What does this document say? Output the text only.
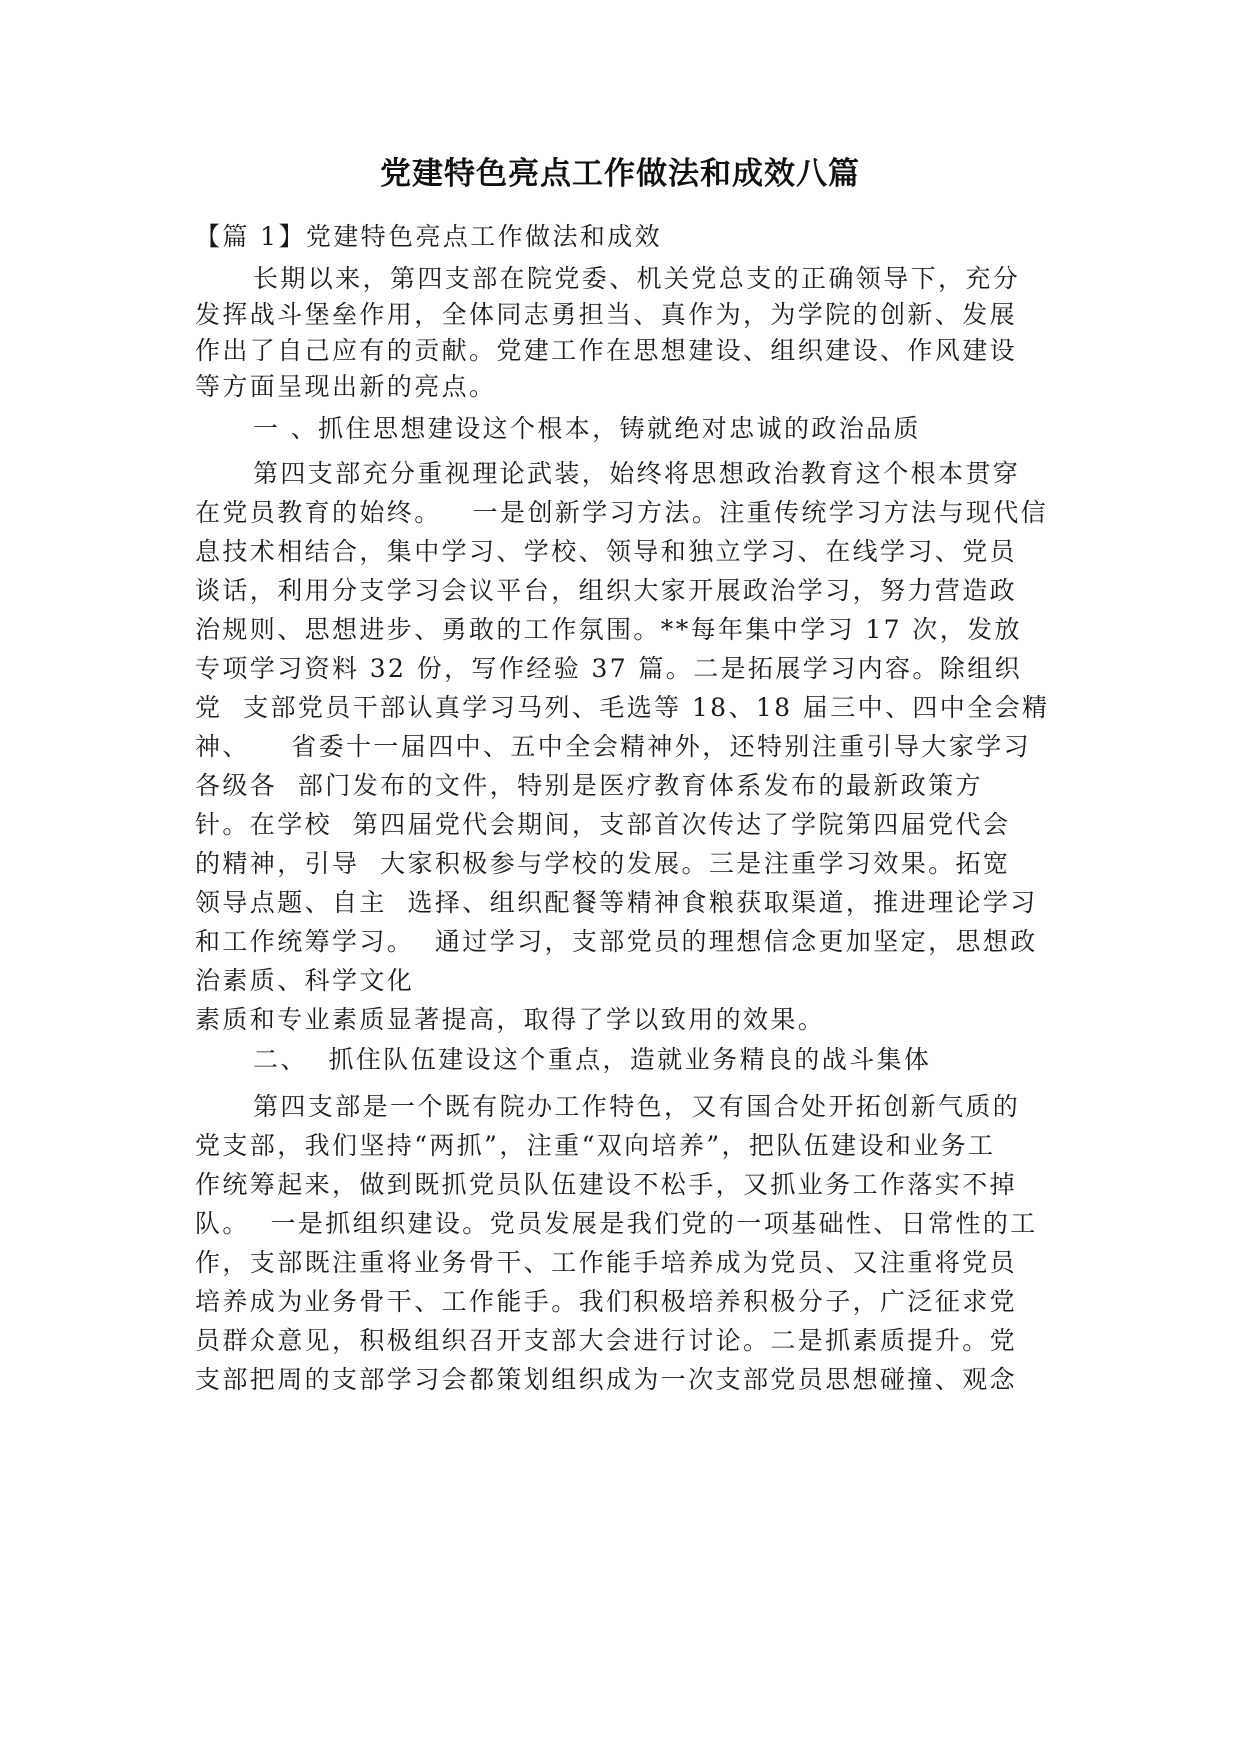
党建特色亮点工作做法和成效八篇
【篇 1】党建特色亮点工作做法和成效
长期以来，第四支部在院党委、机关党总支的正确领导下，充分
发挥战斗堡垒作用，全体同志勇担当、真作为，为学院的创新、发展
作出了自己应有的贡献。党建工作在思想建设、组织建设、作风建设
等方面呈现出新的亮点。
一 、抓住思想建设这个根本，铸就绝对忠诚的政治品质
第四支部充分重视理论武装，始终将思想政治教育这个根本贯穿
在党员教育的始终。   一是创新学习方法。注重传统学习方法与现代信
息技术相结合，集中学习、学校、领导和独立学习、在线学习、党员
谈话，利用分支学习会议平台，组织大家开展政治学习，努力营造政
治规则、思想进步、勇敢的工作氛围。**每年集中学习 17 次，发放
专项学习资料 32 份，写作经验 37 篇。二是拓展学习内容。除组织
党  支部党员干部认真学习马列、毛选等 18、18 届三中、四中全会精
神、    省委十一届四中、五中全会精神外，还特别注重引导大家学习
各级各  部门发布的文件，特别是医疗教育体系发布的最新政策方
针。在学校  第四届党代会期间，支部首次传达了学院第四届党代会
的精神，引导  大家积极参与学校的发展。三是注重学习效果。拓宽
领导点题、自主  选择、组织配餐等精神食粮获取渠道，推进理论学习
和工作统筹学习。  通过学习，支部党员的理想信念更加坚定，思想政
治素质、科学文化
素质和专业素质显著提高，取得了学以致用的效果。
二、  抓住队伍建设这个重点，造就业务精良的战斗集体
第四支部是一个既有院办工作特色，又有国合处开拓创新气质的
党支部，我们坚持“两抓”，注重“双向培养”，把队伍建设和业务工
作统筹起来，做到既抓党员队伍建设不松手，又抓业务工作落实不掉
队。  一是抓组织建设。党员发展是我们党的一项基础性、日常性的工
作，支部既注重将业务骨干、工作能手培养成为党员、又注重将党员
培养成为业务骨干、工作能手。我们积极培养积极分子，广泛征求党
员群众意见，积极组织召开支部大会进行讨论。二是抓素质提升。党
支部把周的支部学习会都策划组织成为一次支部党员思想碰撞、观念
